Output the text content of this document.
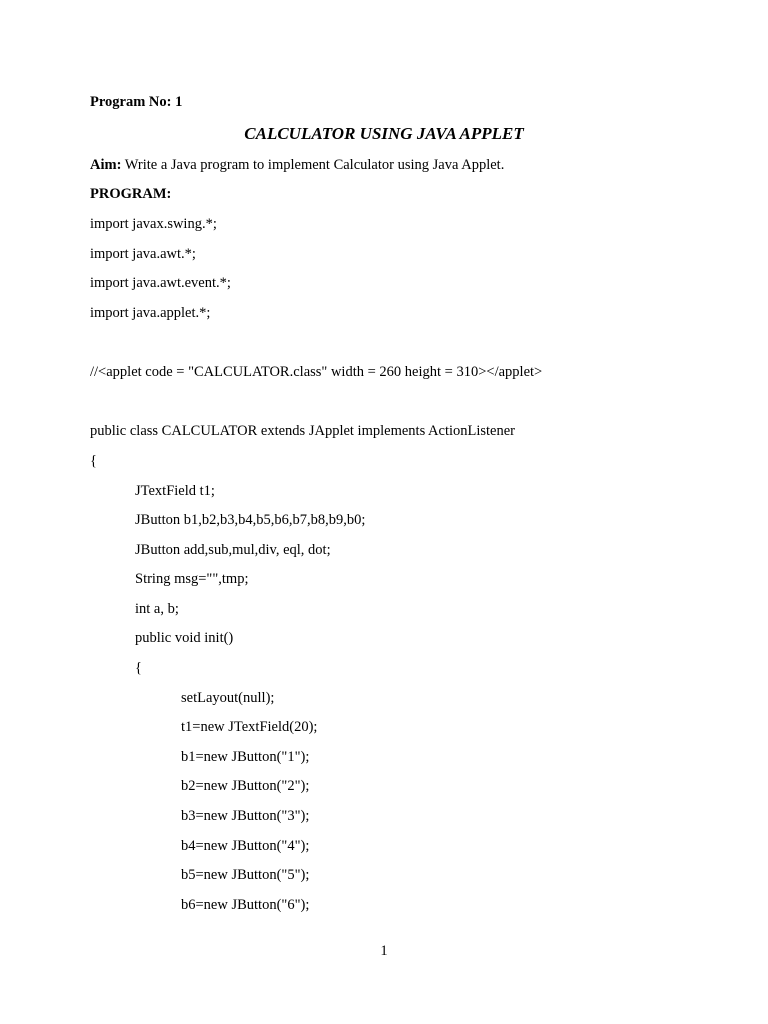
Program No: 1
CALCULATOR USING JAVA APPLET
Aim: Write a Java program to implement Calculator using Java Applet.
PROGRAM:
import javax.swing.*;
import java.awt.*;
import java.awt.event.*;
import java.applet.*;
//<applet code = "CALCULATOR.class" width = 260 height = 310></applet>
public class CALCULATOR extends JApplet implements ActionListener
{
JTextField t1;
JButton b1,b2,b3,b4,b5,b6,b7,b8,b9,b0;
JButton add,sub,mul,div, eql, dot;
String msg="",tmp;
int a, b;
public void init()
{
setLayout(null);
t1=new JTextField(20);
b1=new JButton("1");
b2=new JButton("2");
b3=new JButton("3");
b4=new JButton("4");
b5=new JButton("5");
b6=new JButton("6");
1
